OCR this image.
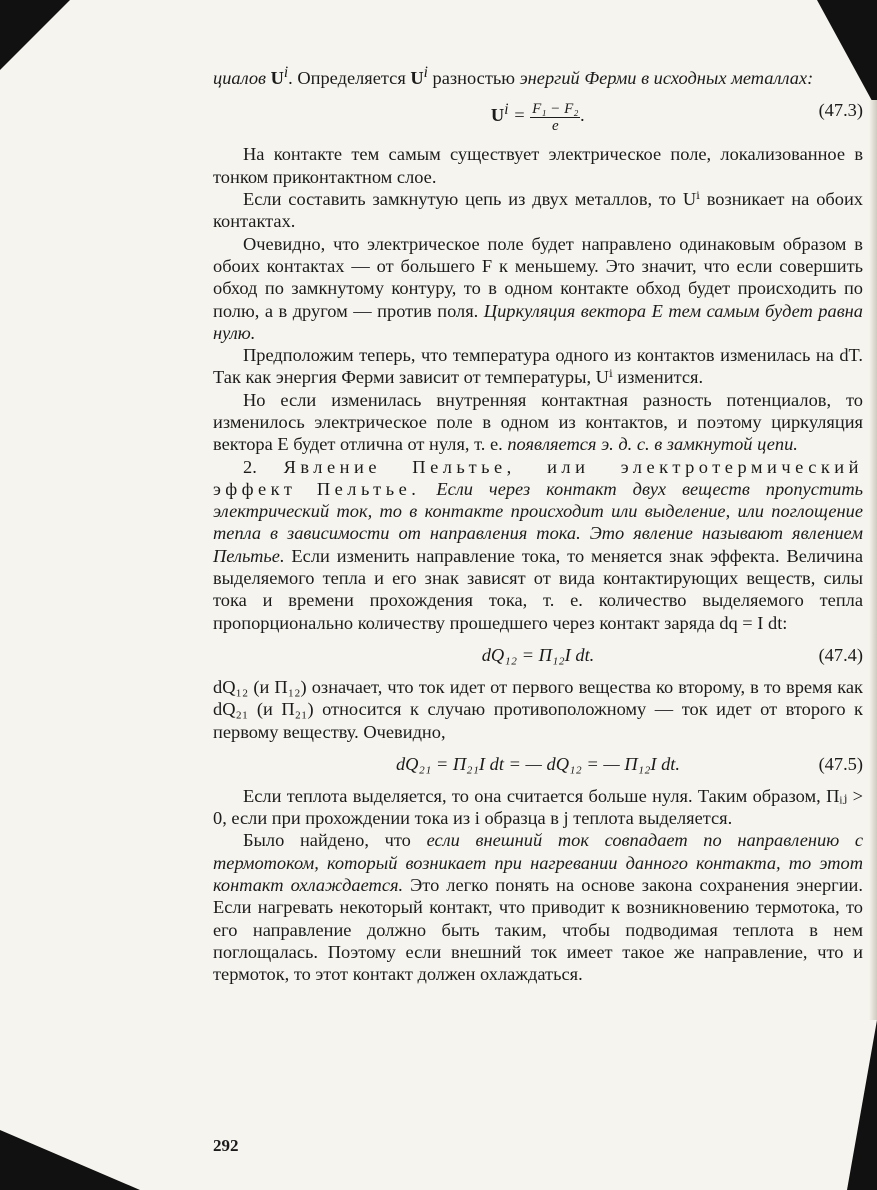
циалов $U^i$. Определяется $U^i$ разностью энергий Ферми в исходных металлах:

$U^i = \frac{\text{F₁ − F₂}}{e}$ .	(47.3)

На контакте тем самым существует электрическое поле, локализованное в тонком приконтактном слое.

Если составить замкнутую цепь из двух металлов, то Uⁱ возникает на обоих контактах.

Очевидно, что электрическое поле будет направлено одинаковым образом в обоих контактах — от большего F к меньшему. Это значит, что если совершить обход по замкнутому контуру, то в одном контакте обход будет происходить по полю, а в другом — против поля. Циркуляция вектора Е тем самым будет равна нулю.

Предположим теперь, что температура одного из контактов изменилась на dT. Так как энергия Ферми зависит от температуры, Uⁱ изменится.

Но если изменилась внутренняя контактная разность потенциалов, то изменилось электрическое поле в одном из контактов, и поэтому циркуляция вектора E будет отлична от нуля, т. е. появляется э. д. с. в замкнутой цепи.

2. Явление Пельтье, или электротермический эффект Пельтье. Если через контакт двух веществ пропустить электрический ток, то в контакте происходит или выделение, или поглощение тепла в зависимости от направления тока. Это явление называют явлением Пельтье. Если изменить направление тока, то меняется знак эффекта. Величина выделяемого тепла и его знак зависят от вида контактирующих веществ, силы тока и времени прохождения тока, т. е. количество выделяемого тепла пропорционально количеству прошедшего через контакт заряда dq = I dt:

dQ₁₂ = Π₁₂I dt.	(47.4)

dQ₁₂ (и Π₁₂) означает, что ток идет от первого вещества ко второму, в то время как dQ₂₁ (и Π₂₁) относится к случаю противоположному — ток идет от второго к первому веществу. Очевидно,

dQ₂₁ = Π₂₁I dt = — dQ₁₂ = — Π₁₂I dt.	(47.5)

Если теплота выделяется, то она считается больше нуля. Таким образом, Πᵢⱼ > 0, если при прохождении тока из i образца в j теплота выделяется.

Было найдено, что если внешний ток совпадает по направлению с термотоком, который возникает при нагревании данного контакта, то этот контакт охлаждается. Это легко понять на основе закона сохранения энергии. Если нагревать некоторый контакт, что приводит к возникновению термотока, то его направление должно быть таким, чтобы подводимая теплота в нем поглощалась. Поэтому если внешний ток имеет такое же направление, что и термоток, то этот контакт должен охлаждаться.

292
